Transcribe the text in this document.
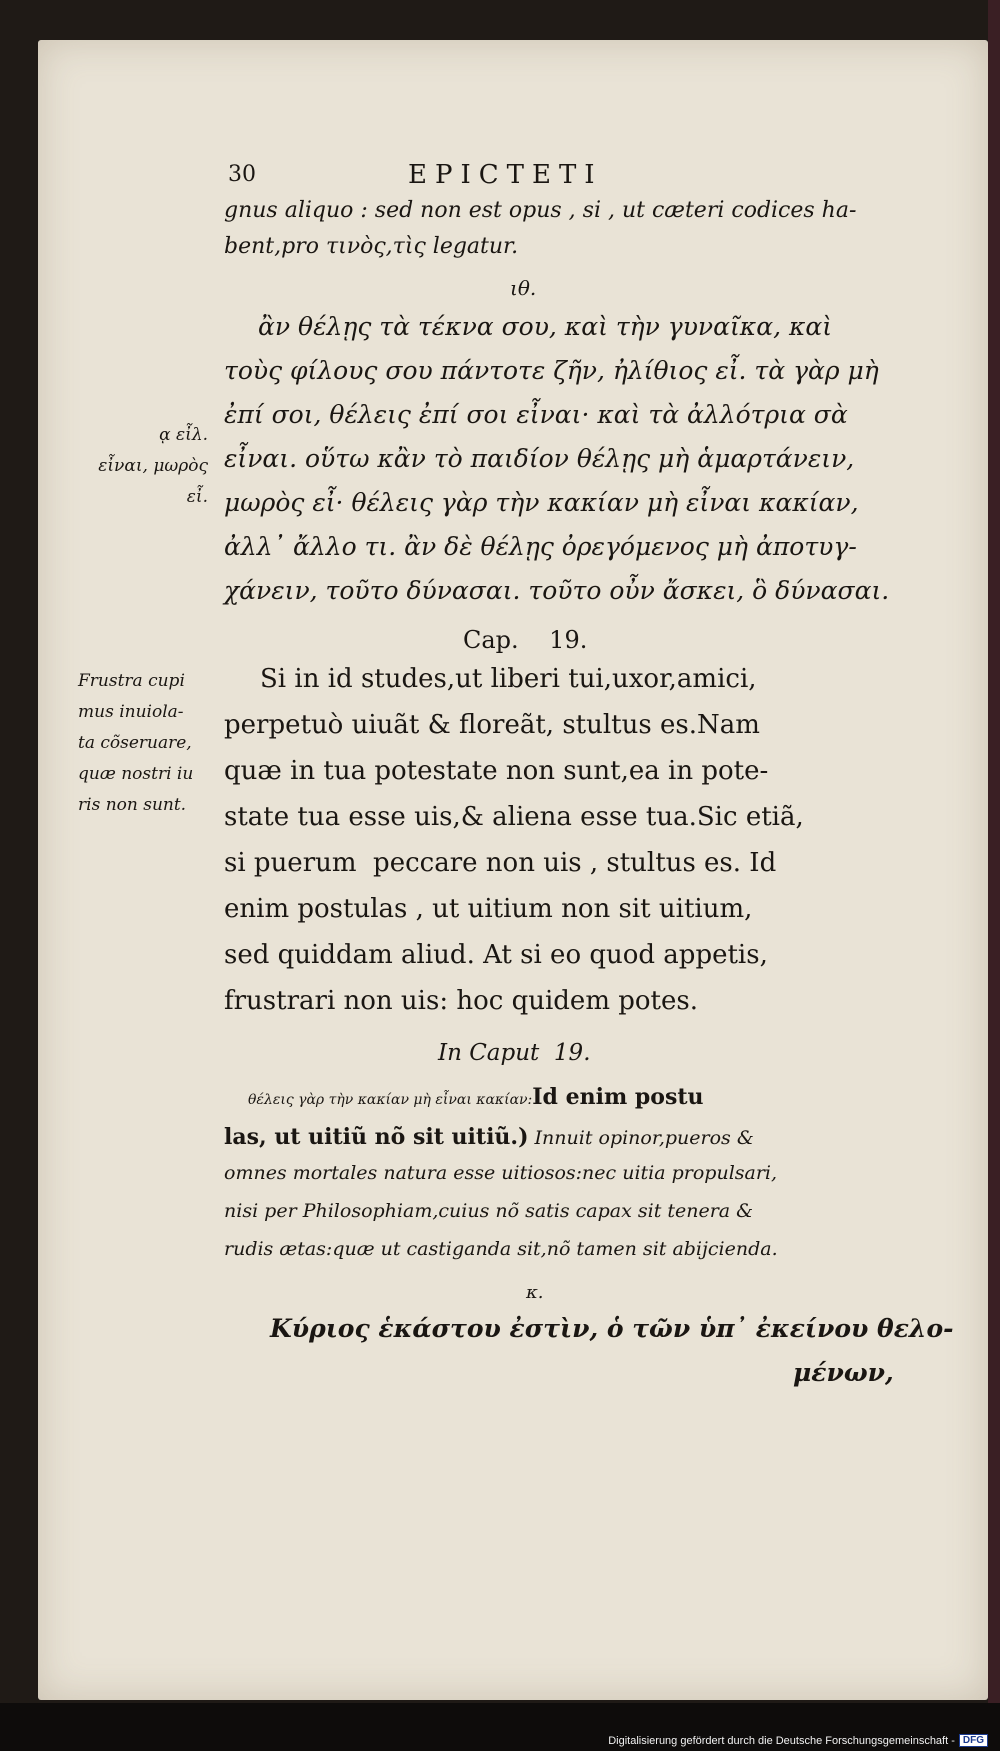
30	EPICTETI
gnus aliquo : sed non est opus , si , ut cæteri codices ha-
bent,pro τινὸς,τὶς legatur.
ιθ.
ἂν θέλῃς τὰ τέκνα σου, καὶ τὴν γυναῖκα, καὶ
τοὺς φίλους σου πάντοτε ζῆν, ἠλίθιος εἶ. τὰ γὰρ μὴ
ἐπί σοι, θέλεις ἐπί σοι εἶναι· καὶ τὰ ἀλλότρια σὰ
εἶναι. οὕτω κἂν τὸ παιδίον θέλῃς μὴ ἁμαρτάνειν,
μωρὸς εἶ· θέλεις γὰρ τὴν κακίαν μὴ εἶναι κακίαν,
ἀλλ᾽ ἄλλο τι. ἂν δὲ θέλῃς ὀρεγόμενος μὴ ἀποτυγ-
χάνειν, τοῦτο δύνασαι. τοῦτο οὖν ἄσκει, ὃ δύνασαι.
ᾳ εἶλ.
εἶναι, μωρὸς
εἶ.
Cap.    19.
Frustra cupi
mus inuiola-
ta cõseruare,
quæ nostri iu
ris non sunt.
Si in id studes,ut liberi tui,uxor,amici,
perpetuò uiuãt & floreãt, stultus es.Nam
quæ in tua potestate non sunt,ea in pote-
state tua esse uis,& aliena esse tua.Sic etiã,
si puerum  peccare non uis , stultus es. Id
enim postulas , ut uitium non sit uitium,
sed quiddam aliud. At si eo quod appetis,
frustrari non uis: hoc quidem potes.
In Caput  19.
θέλεις γὰρ τὴν κακίαν μὴ εἶναι κακίαν:Id enim postu
las, ut uitiũ nõ sit uitiũ.) Innuit opinor,pueros &
omnes mortales natura esse uitiosos:nec uitia propulsari,
nisi per Philosophiam,cuius nõ satis capax sit tenera &
rudis ætas:quæ ut castiganda sit,nõ tamen sit abijcienda.
κ.
Κύριος ἑκάστου ἐστὶν, ὁ τῶν ὑπ᾽ ἐκείνου θελο-
μένων,
Digitalisierung gefördert durch die Deutsche Forschungsgemeinschaft - DFG
